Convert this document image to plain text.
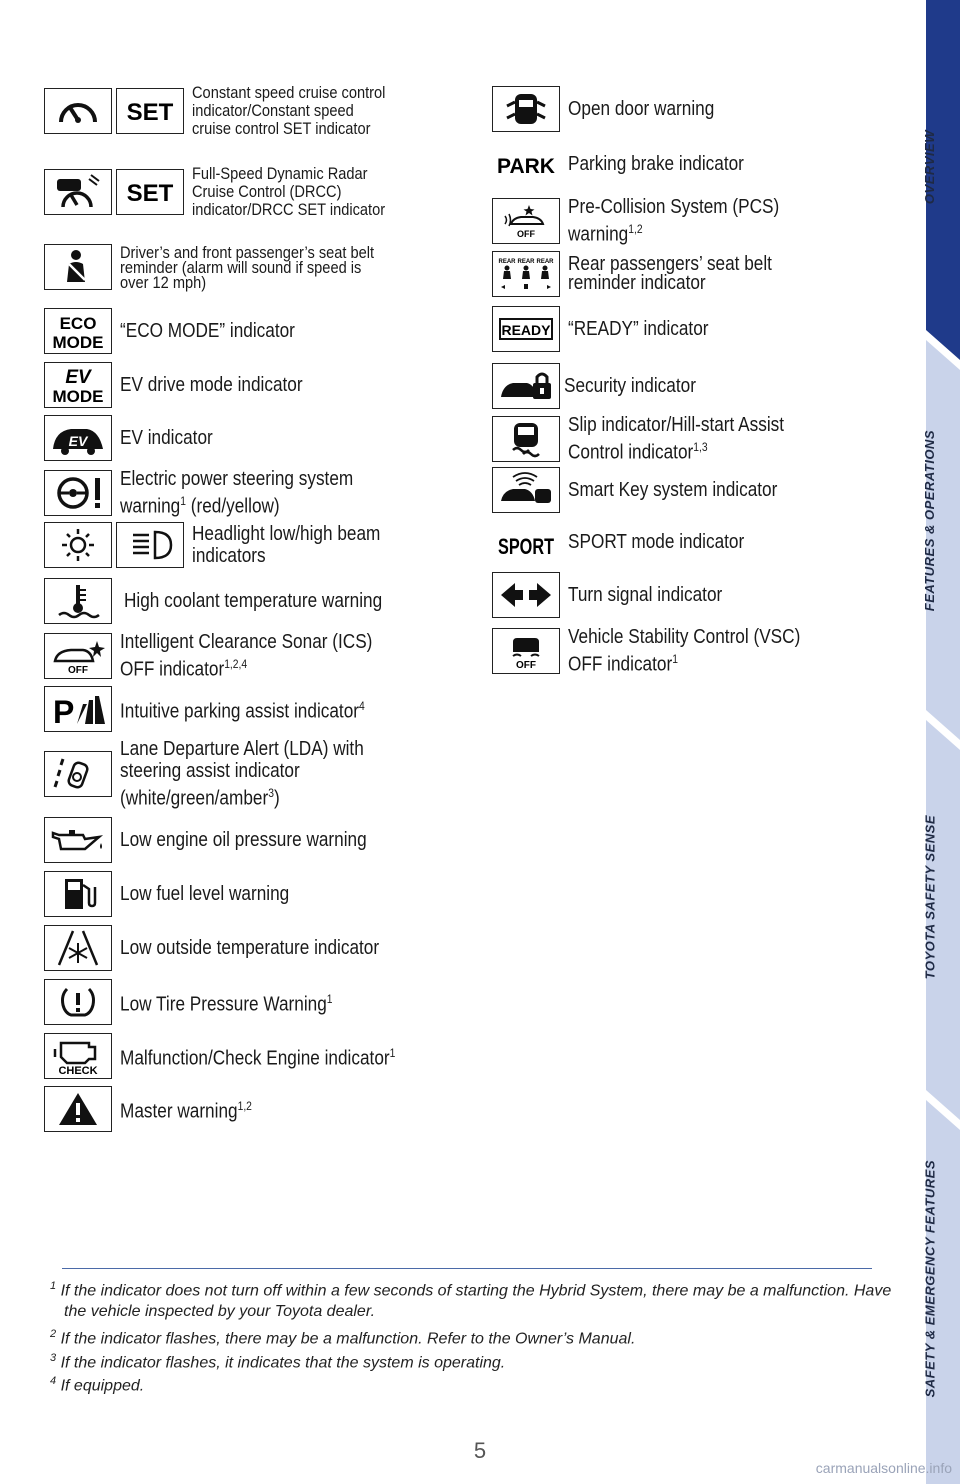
SET
Constant speed cruise control
indicator/Constant speed
cruise control SET indicator
SET
Full-Speed Dynamic Radar
Cruise Control (DRCC)
indicator/DRCC SET indicator
Driver’s and front passenger’s seat belt
reminder (alarm will sound if speed is
over 12 mph)
ECO
MODE
“ECO MODE” indicator
EV
MODE
EV drive mode indicator
EV EV indicator
Electric power steering system
warning$^1$ (red/yellow)
Headlight low/high beam
indicators
High coolant temperature warning
OFF
Intelligent Clearance Sonar (ICS)
OFF indicator$^{1,2,4}$
P Intuitive parking assist indicator$^4$
Lane Departure Alert (LDA) with
steering assist indicator
(white/green/amber$^3$)
Low engine oil pressure warning
Low fuel level warning
Low outside temperature indicator
Low Tire Pressure Warning$^1$
CHECK
Malfunction/Check Engine indicator$^1$
Master warning$^{1,2}$
Open door warning
PARK Parking brake indicator
OFF
Pre-Collision System (PCS)
warning$^{1,2}$
REAR REAR REAR Rear passengers’ seat belt
reminder indicator
READY “READY” indicator
Security indicator
Slip indicator/Hill-start Assist
Control indicator$^{1,3}$
Smart Key system indicator
SPORT SPORT mode indicator
Turn signal indicator
OFF
Vehicle Stability Control (VSC)
OFF indicator$^1$
$^1$ If the indicator does not turn off within a few seconds of starting the Hybrid System, there may be a malfunction. Have the vehicle inspected by your Toyota dealer.
$^2$ If the indicator flashes, there may be a malfunction. Refer to the Owner’s Manual.
$^3$ If the indicator flashes, it indicates that the system is operating.
$^4$ If equipped.
OVERVIEW
FEATURES & OPERATIONS
TOYOTA SAFETY SENSE
SAFETY & EMERGENCY FEATURES
5
carmanualsonline.info
